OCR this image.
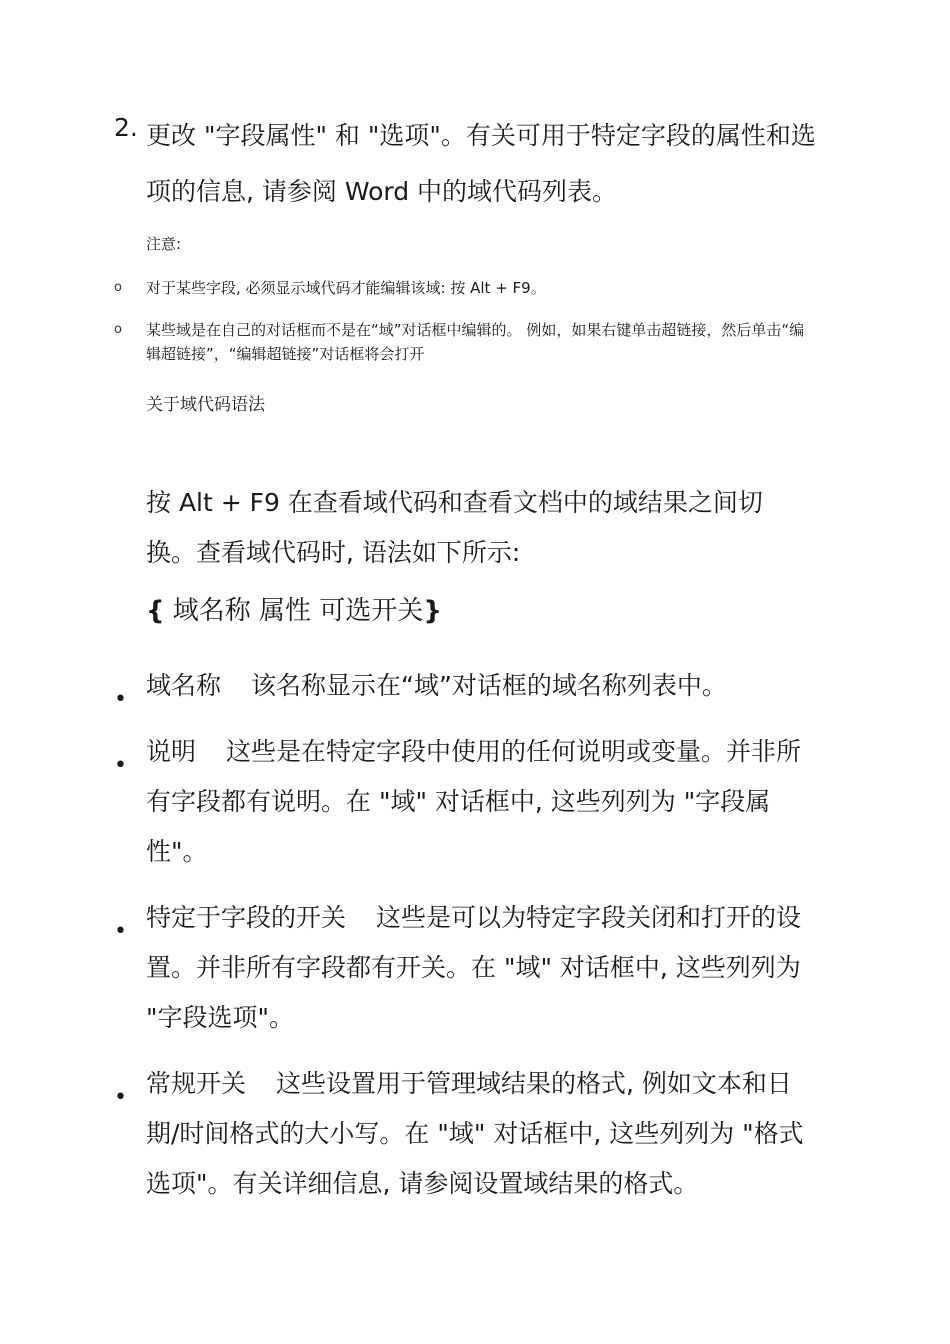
2. 更改 "字段属性" 和 "选项"。有关可用于特定字段的属性和选项的信息, 请参阅 Word 中的域代码列表。
注意:
o 对于某些字段, 必须显示域代码才能编辑该域: 按 Alt + F9。
o 某些域是在自己的对话框而不是在“域”对话框中编辑的。 例如，如果右键单击超链接，然后单击“编辑超链接”，“编辑超链接”对话框将会打开
关于域代码语法
按 Alt + F9 在查看域代码和查看文档中的域结果之间切换。查看域代码时, 语法如下所示:
{ 域名称 属性 可选开关}
• 域名称 该名称显示在“域”对话框的域名称列表中。
• 说明 这些是在特定字段中使用的任何说明或变量。并非所有字段都有说明。在 "域" 对话框中, 这些列列为 "字段属性"。
• 特定于字段的开关 这些是可以为特定字段关闭和打开的设置。并非所有字段都有开关。在 "域" 对话框中, 这些列列为 "字段选项"。
• 常规开关 这些设置用于管理域结果的格式, 例如文本和日期/时间格式的大小写。在 "域" 对话框中, 这些列列为 "格式选项"。有关详细信息, 请参阅设置域结果的格式。
